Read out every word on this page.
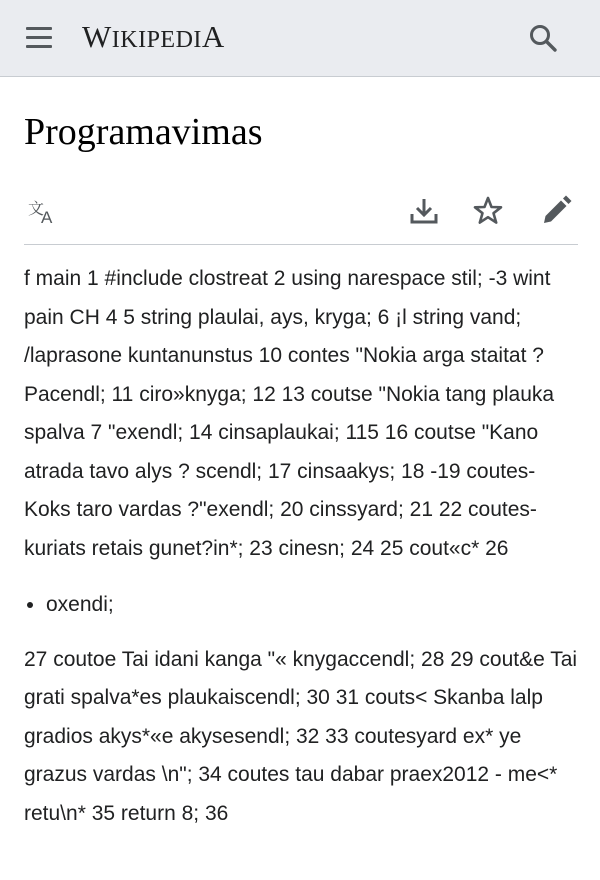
WIKIPEDIA
Programavimas
文
A

f main 1 #include clostreat 2 using narespace stil; -3 wint pain CH 4 5 string plaulai, ays, kryga; 6 ¡l string vand; /laprasone kuntanunstus 10 contes "Nokia arga staitat ? Pacendl; 11 ciro»knyga; 12 13 coutse "Nokia tang plauka spalva 7 "exendl; 14 cinsaplaukai; 115 16 coutse "Kano atrada tavo alys ? scendl; 17 cinsaakys; 18 -19 coutes-Koks taro vardas ?"exendl; 20 cinssyard; 21 22 coutes-kuriats retais gunet?in*; 23 cinesn; 24 25 cout«c* 26

• oxendi;

27 coutoe Tai idani kanga "« knygaccendl; 28 29 cout&e Tai grati spalva*es plaukaiscendl; 30 31 couts< Skanba lalp gradios akys*«e akysesendl; 32 33 coutesyard ex* ye grazus vardas \n"; 34 coutes tau dabar praex2012 - me<* retu\n* 35 return 8; 36
